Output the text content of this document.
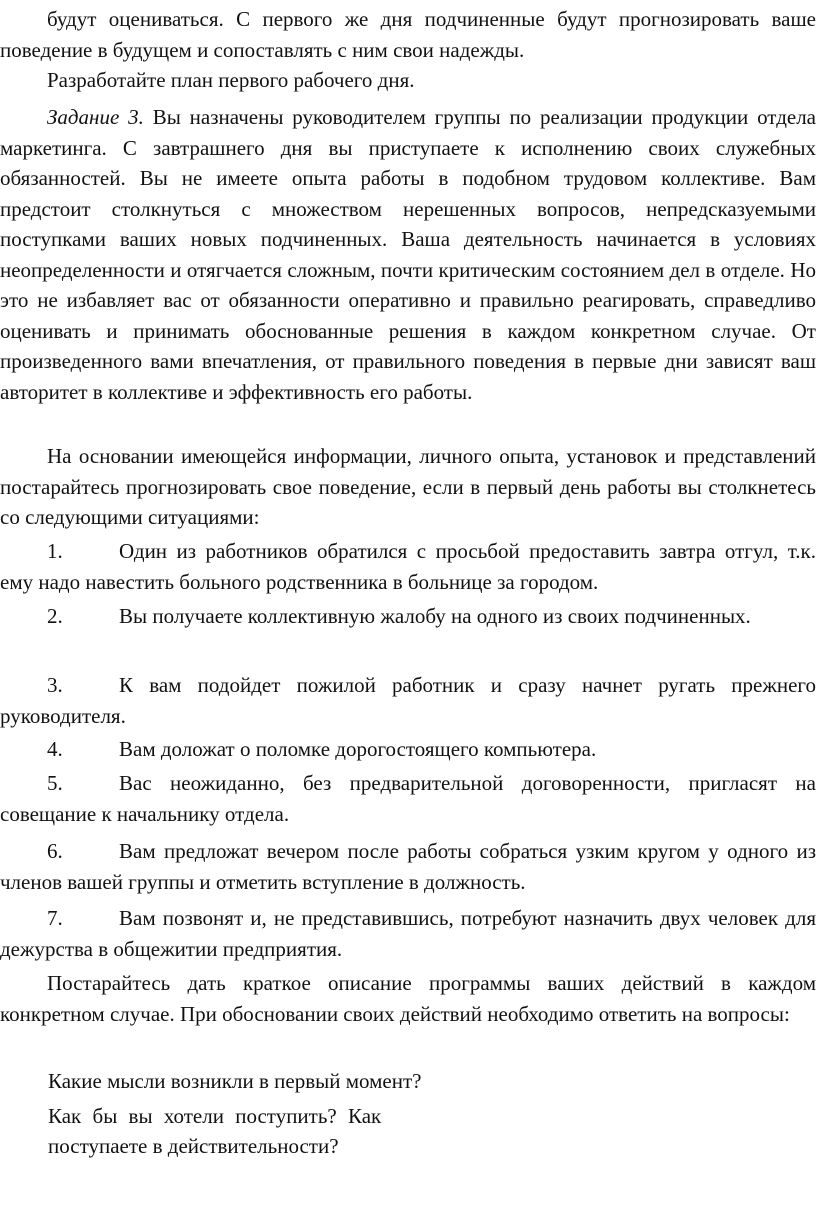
будут оцениваться. С первого же дня подчиненные будут прогнозировать ваше поведение в будущем и сопоставлять с ним свои надежды.

Разработайте план первого рабочего дня.

Задание 3. Вы назначены руководителем группы по реализации продукции отдела маркетинга. С завтрашнего дня вы приступаете к исполнению своих служебных обязанностей. Вы не имеете опыта работы в подобном трудовом коллективе. Вам предстоит столкнуться с множеством нерешенных вопросов, непредсказуемыми поступками ваших новых подчиненных. Ваша деятельность начинается в условиях неопределенности и отягчается сложным, почти критическим состоянием дел в отделе. Но это не избавляет вас от обязанности оперативно и правильно реагировать, справедливо оценивать и принимать обоснованные решения в каждом конкретном случае. От произведенного вами впечатления, от правильного поведения в первые дни зависят ваш авторитет в коллективе и эффективность его работы.

На основании имеющейся информации, личного опыта, установок и представлений постарайтесь прогнозировать свое поведение, если в первый день работы вы столкнетесь со следующими ситуациями:

1.	Один из работников обратился с просьбой предоставить завтра отгул, т.к. ему надо навестить больного родственника в больнице за городом.

2.	Вы получаете коллективную жалобу на одного из своих подчиненных.

3.	К вам подойдет пожилой работник и сразу начнет ругать прежнего руководителя.

4.	Вам доложат о поломке дорогостоящего компьютера.

5.	Вас неожиданно, без предварительной договоренности, пригласят на совещание к начальнику отдела.

6.	Вам предложат вечером после работы собраться узким кругом у одного из членов вашей группы и отметить вступление в должность.

7.	Вам позвонят и, не представившись, потребуют назначить двух человек для дежурства в общежитии предприятия.

Постарайтесь дать краткое описание программы ваших действий в каждом конкретном случае. При обосновании своих действий необходимо ответить на вопросы:

Какие мысли возникли в первый момент?

Как бы вы хотели поступить? Как

поступаете в действительности?
